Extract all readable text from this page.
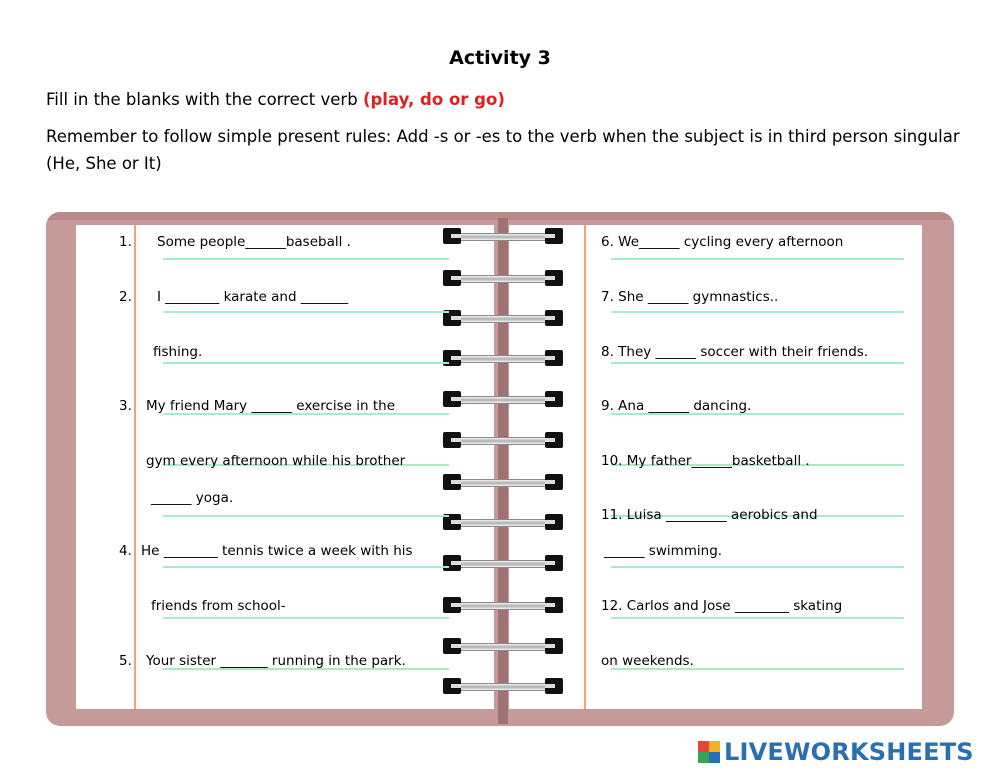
Activity 3
Fill in the blanks with the correct verb (play, do or go)
Remember to follow simple present rules: Add -s or -es to the verb when the subject is in third person singular (He, She or It)
1. Some people______baseball .
2. I ________ karate and _______
fishing.
3. My friend Mary ______ exercise in the
gym every afternoon while his brother
______ yoga.
4. He ________ tennis twice a week with his
friends from school-
5. Your sister _______ running in the park.
6. We______ cycling every afternoon
7. She ______ gymnastics..
8. They ______ soccer with their friends.
9. Ana ______ dancing.
10. My father______basketball .
11. Luisa _________ aerobics and
______ swimming.
12. Carlos and Jose ________ skating
on weekends.
LIVEWORKSHEETS
